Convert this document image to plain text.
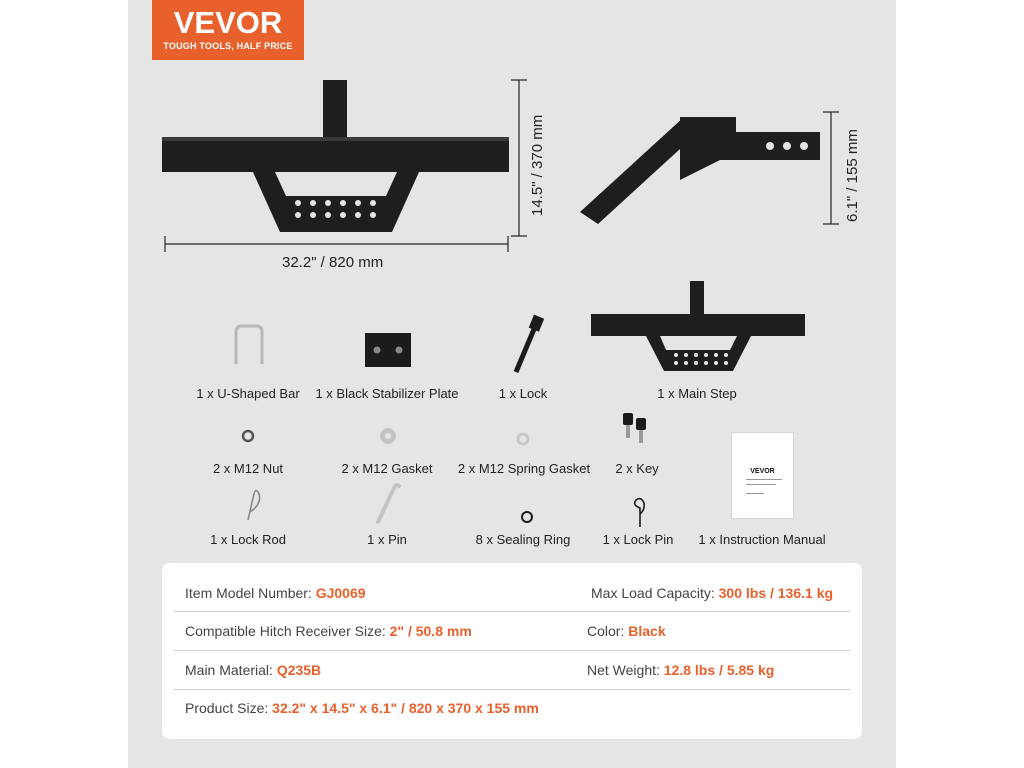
VEVOR
TOUGH TOOLS, HALF PRICE
32.2" / 820 mm
14.5" / 370 mm	6.1" / 155 mm
1 x U-Shaped Bar 1 x Black Stabilizer Plate	1 x Lock	1 x Main Step
2 x M12 Nut	2 x M12 Gasket 2 x M12 Spring Gasket 2 x Key
1 x Lock Rod	1 x Pin	8 x Sealing Ring 1 x Lock Pin 1 x Instruction Manual
VEVOR
Item Model Number: GJ0069	Max Load Capacity: 300 lbs / 136.1 kg
Compatible Hitch Receiver Size: 2" / 50.8 mm	Color: Black
Main Material: Q235B	Net Weight: 12.8 lbs / 5.85 kg
Product Size: 32.2" x 14.5" x 6.1" / 820 x 370 x 155 mm
